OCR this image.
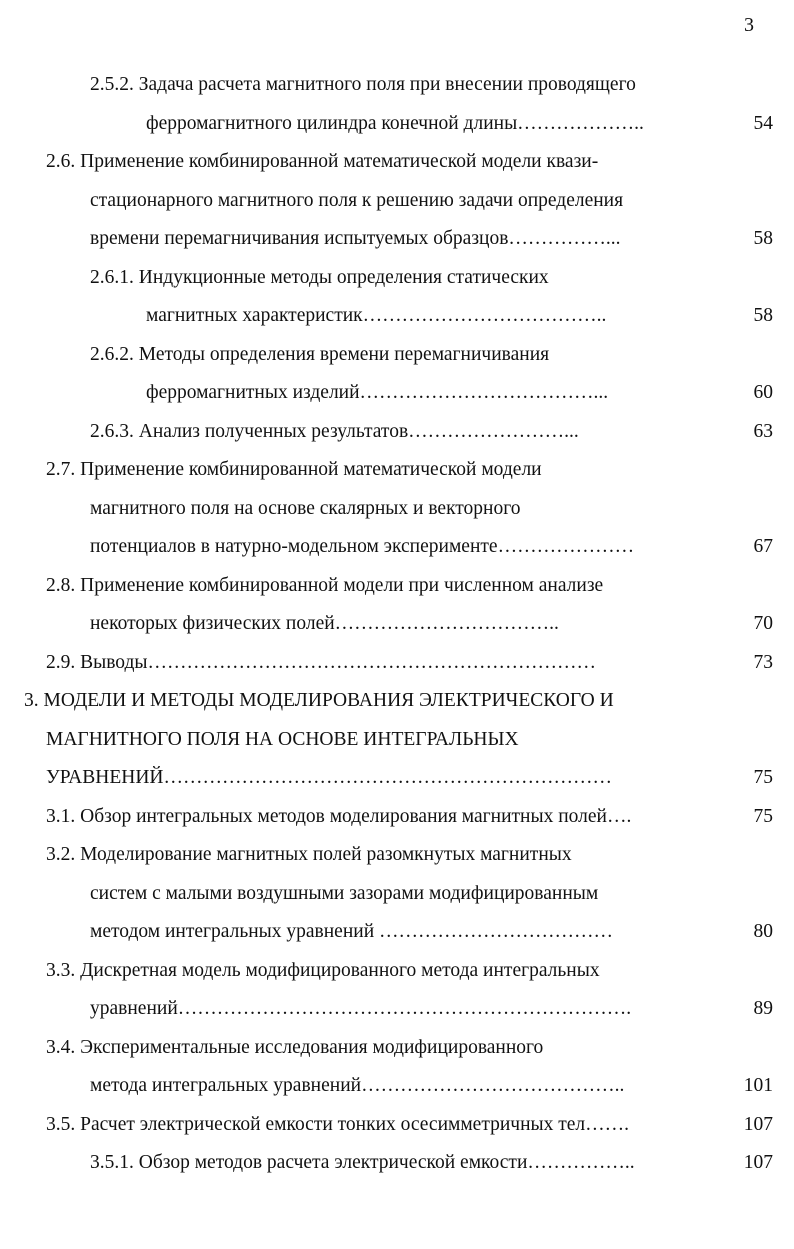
3
2.5.2. Задача расчета магнитного поля при внесении проводящего
ферромагнитного цилиндра конечной длины………………..	54
2.6. Применение комбинированной математической модели квази-
стационарного магнитного поля к решению задачи определения
времени перемагничивания испытуемых образцов……………...	58
2.6.1. Индукционные методы определения статических
магнитных характеристик………………………………..	58
2.6.2. Методы определения времени перемагничивания
ферромагнитных изделий………………………………...	60
2.6.3. Анализ полученных результатов……………………...	63
2.7. Применение комбинированной математической модели
магнитного поля на основе скалярных и векторного
потенциалов в натурно-модельном эксперименте…………………	67
2.8. Применение комбинированной модели при численном анализе
некоторых физических полей……………………………..	70
2.9. Выводы……………………………………………………………	73
3. МОДЕЛИ И МЕТОДЫ МОДЕЛИРОВАНИЯ ЭЛЕКТРИЧЕСКОГО И
МАГНИТНОГО ПОЛЯ НА ОСНОВЕ ИНТЕГРАЛЬНЫХ
УРАВНЕНИЙ……………………………………………………………	75
3.1. Обзор интегральных методов моделирования магнитных полей….	75
3.2. Моделирование магнитных полей разомкнутых магнитных
систем с малыми воздушными зазорами модифицированным
методом интегральных уравнений ………………………………	80
3.3. Дискретная модель модифицированного метода интегральных
уравнений…………………………………………………………….	89
3.4. Экспериментальные исследования модифицированного
метода интегральных уравнений…………………………………..	101
3.5. Расчет электрической емкости тонких осесимметричных тел…….	107
3.5.1. Обзор методов расчета электрической емкости……………..	107
